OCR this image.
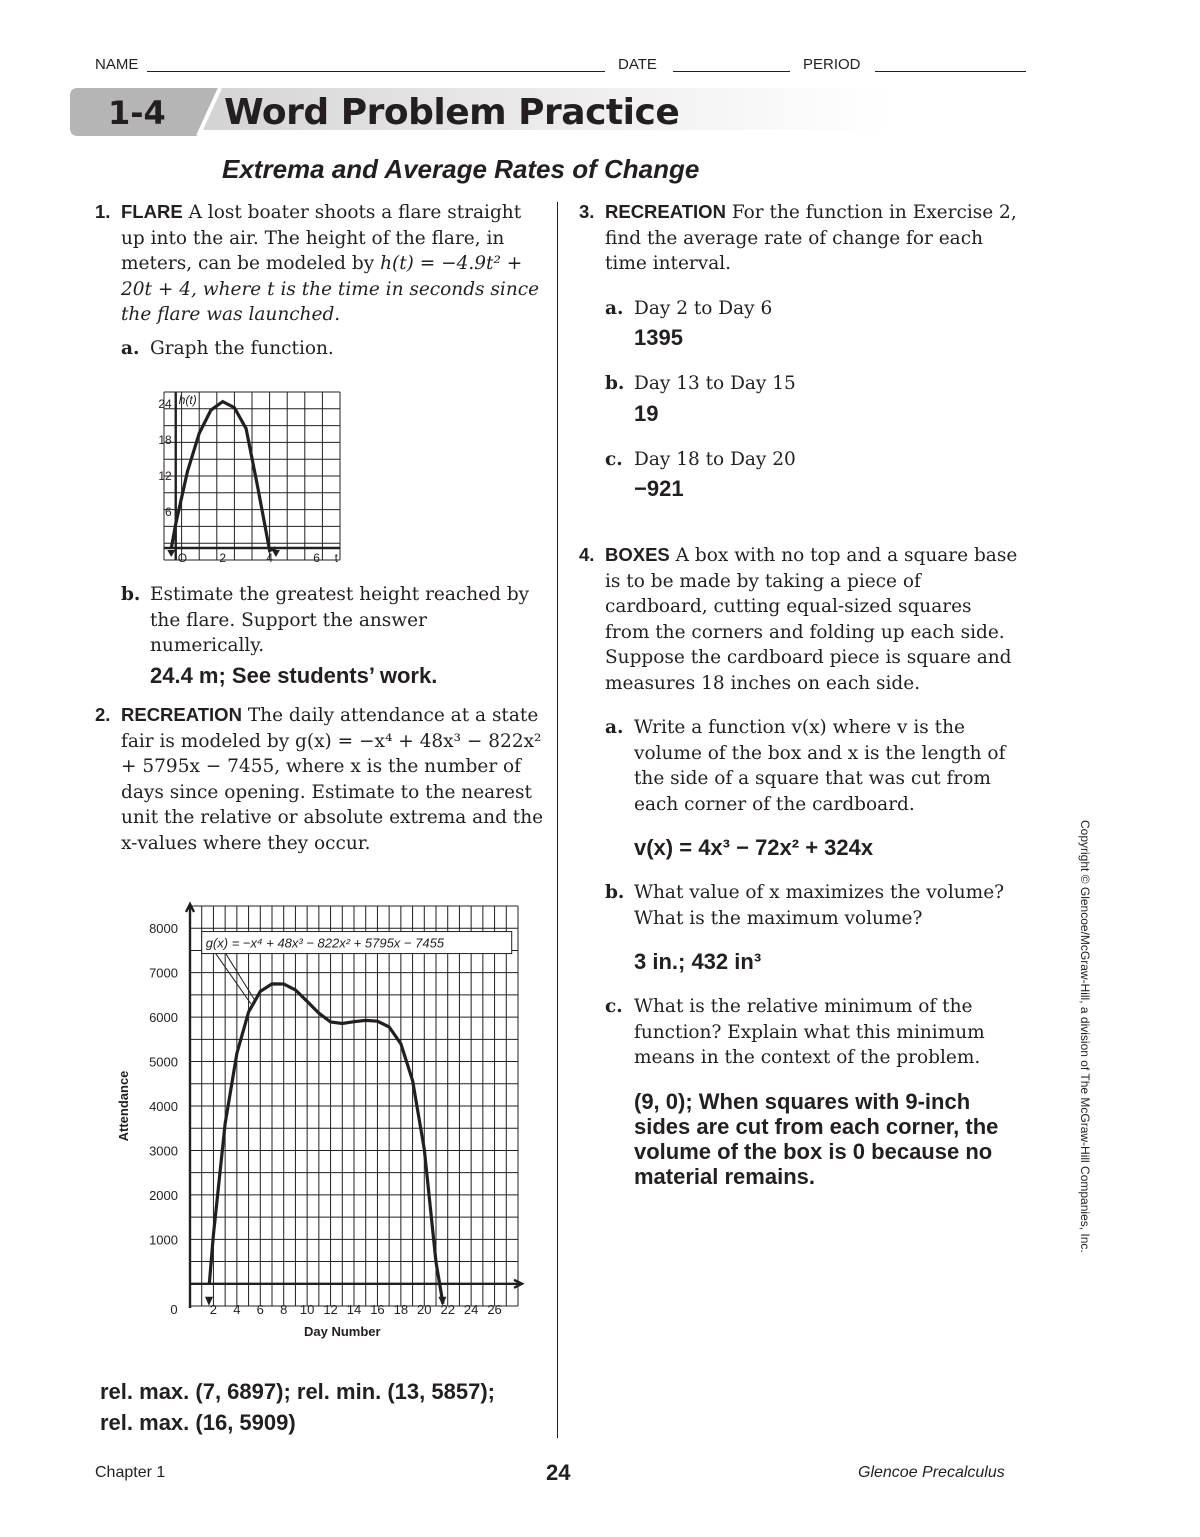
NAME	DATE	PERIOD
1-4 Word Problem Practice
Extrema and Average Rates of Change
1. FLARE A lost boater shoots a flare straight up into the air. The height of the flare, in meters, can be modeled by h(t) = −4.9t² + 20t + 4, where t is the time in seconds since the flare was launched.
a. Graph the function.
6
12
18
24
O	2	4	6 t
h(t)
b. Estimate the greatest height reached by the flare. Support the answer numerically.
24.4 m; See students’ work.
2. RECREATION The daily attendance at a state fair is modeled by g(x) = −x⁴ + 48x³ − 822x² + 5795x − 7455, where x is the number of days since opening. Estimate to the nearest unit the relative or absolute extrema and the x-values where they occur.
1000
2000
3000
4000
5000
6000
7000
8000
0 2 4 6 8 10 12 14 16 18 20 22 24 26
Day Number
Attendance
g(x) = −x⁴ + 48x³ − 822x² + 5795x − 7455
rel. max. (7, 6897); rel. min. (13, 5857);
rel. max. (16, 5909)
3. RECREATION For the function in Exercise 2, find the average rate of change for each time interval.
a. Day 2 to Day 6
1395
b. Day 13 to Day 15
19
c. Day 18 to Day 20
−921
4. BOXES A box with no top and a square base is to be made by taking a piece of cardboard, cutting equal-sized squares from the corners and folding up each side. Suppose the cardboard piece is square and measures 18 inches on each side.
a. Write a function v(x) where v is the volume of the box and x is the length of the side of a square that was cut from each corner of the cardboard.
v(x) = 4x³ − 72x² + 324x
b. What value of x maximizes the volume? What is the maximum volume?
3 in.; 432 in³
c. What is the relative minimum of the function? Explain what this minimum means in the context of the problem.
(9, 0); When squares with 9-inch sides are cut from each corner, the volume of the box is 0 because no material remains.	Copyright © Glencoe/McGraw-Hill, a division of The McGraw-Hill Companies, Inc.
Chapter 1	24	Glencoe Precalculus
